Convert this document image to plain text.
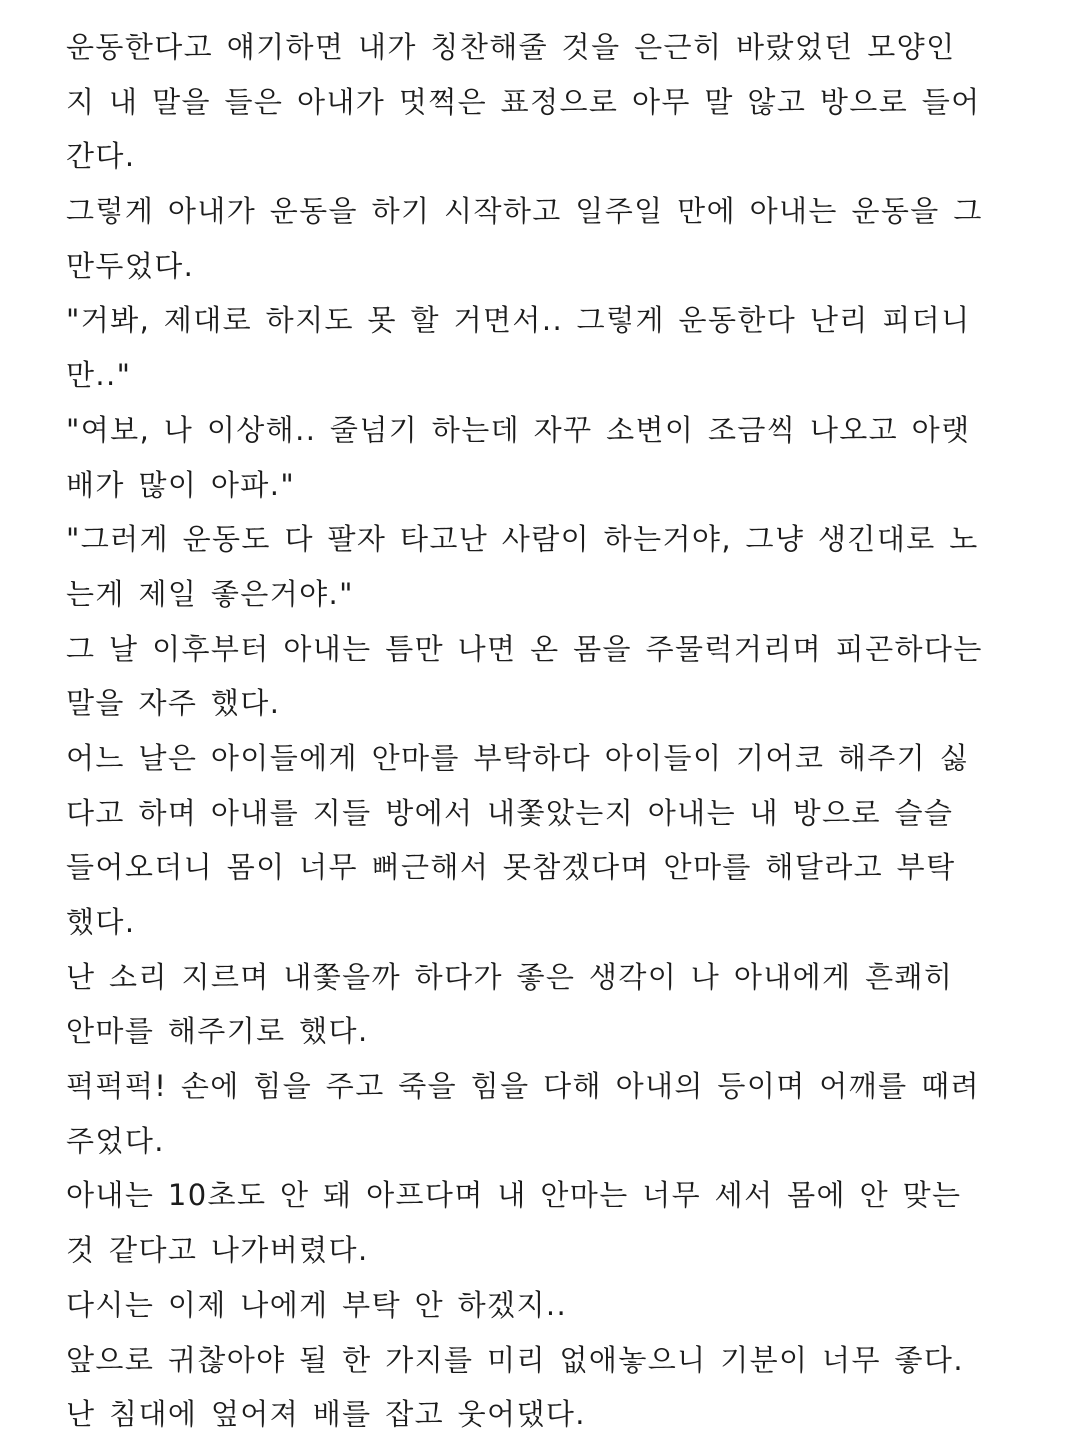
운동한다고 얘기하면 내가 칭찬해줄 것을 은근히 바랐었던 모양인
지 내 말을 들은 아내가 멋쩍은 표정으로 아무 말 않고 방으로 들어
간다.
그렇게 아내가 운동을 하기 시작하고 일주일 만에 아내는 운동을 그
만두었다.
"거봐, 제대로 하지도 못 할 거면서.. 그렇게 운동한다 난리 피더니
만.."
"여보, 나 이상해.. 줄넘기 하는데 자꾸 소변이 조금씩 나오고 아랫
배가 많이 아파."
"그러게 운동도 다 팔자 타고난 사람이 하는거야, 그냥 생긴대로 노
는게 제일 좋은거야."
그 날 이후부터 아내는 틈만 나면 온 몸을 주물럭거리며 피곤하다는
말을 자주 했다.
어느 날은 아이들에게 안마를 부탁하다 아이들이 기어코 해주기 싫
다고 하며 아내를 지들 방에서 내쫓았는지 아내는 내 방으로 슬슬
들어오더니 몸이 너무 뻐근해서 못참겠다며 안마를 해달라고 부탁
했다.
난 소리 지르며 내쫓을까 하다가 좋은 생각이 나 아내에게 흔쾌히
안마를 해주기로 했다.
퍽퍽퍽! 손에 힘을 주고 죽을 힘을 다해 아내의 등이며 어깨를 때려
주었다.
아내는 10초도 안 돼 아프다며 내 안마는 너무 세서 몸에 안 맞는
것 같다고 나가버렸다.
다시는 이제 나에게 부탁 안 하겠지..
앞으로 귀찮아야 될 한 가지를 미리 없애놓으니 기분이 너무 좋다.
난 침대에 엎어져 배를 잡고 웃어댔다.
